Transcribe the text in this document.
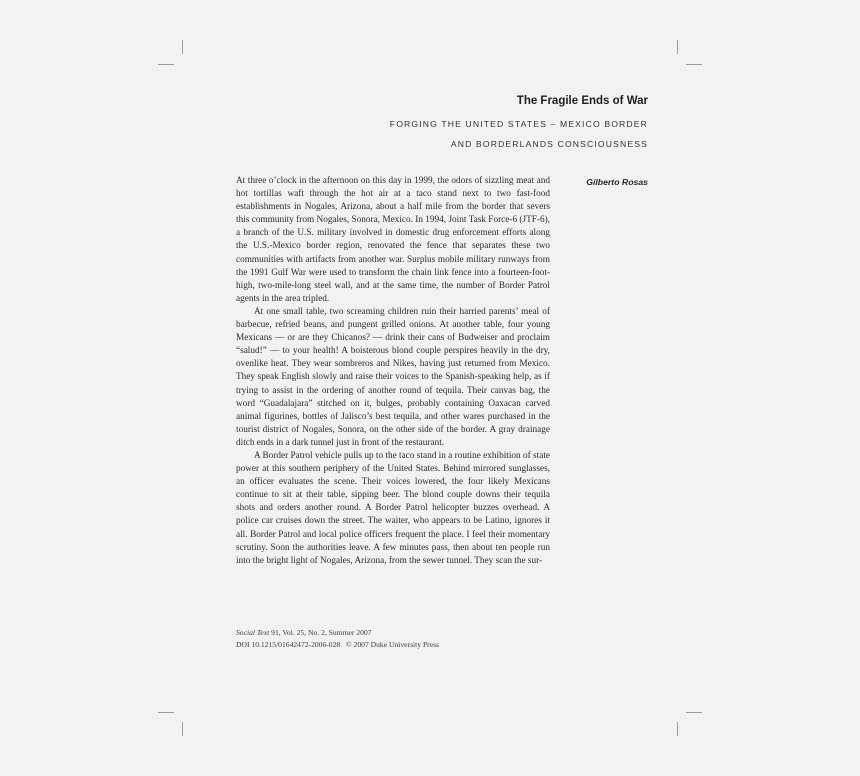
The Fragile Ends of War
FORGING THE UNITED STATES – MEXICO BORDER
AND BORDERLANDS CONSCIOUSNESS
Gilberto Rosas

At three o’clock in the afternoon on this day in 1999, the odors of sizzling meat and hot tortillas waft through the hot air at a taco stand next to two fast-food establishments in Nogales, Arizona, about a half mile from the border that severs this community from Nogales, Sonora, Mexico. In 1994, Joint Task Force-6 (JTF-6), a branch of the U.S. military involved in domestic drug enforcement efforts along the U.S.-Mexico border region, renovated the fence that separates these two communities with artifacts from another war. Surplus mobile military runways from the 1991 Gulf War were used to transform the chain link fence into a fourteen-foot-high, two-mile-long steel wall, and at the same time, the number of Border Patrol agents in the area tripled.

At one small table, two screaming children ruin their harried parents’ meal of barbecue, refried beans, and pungent grilled onions. At another table, four young Mexicans — or are they Chicanos? — drink their cans of Budweiser and proclaim “salud!” — to your health! A boisterous blond couple perspires heavily in the dry, ovenlike heat. They wear sombreros and Nikes, having just returned from Mexico. They speak English slowly and raise their voices to the Spanish-speaking help, as if trying to assist in the ordering of another round of tequila. Their canvas bag, the word “Guadalajara” stitched on it, bulges, probably containing Oaxacan carved animal figurines, bottles of Jalisco’s best tequila, and other wares purchased in the tourist district of Nogales, Sonora, on the other side of the border. A gray drainage ditch ends in a dark tunnel just in front of the restaurant.

A Border Patrol vehicle pulls up to the taco stand in a routine exhibition of state power at this southern periphery of the United States. Behind mirrored sunglasses, an officer evaluates the scene. Their voices lowered, the four likely Mexicans continue to sit at their table, sipping beer. The blond couple downs their tequila shots and orders another round. A Border Patrol helicopter buzzes overhead. A police car cruises down the street. The waiter, who appears to be Latino, ignores it all. Border Patrol and local police officers frequent the place. I feel their momentary scrutiny. Soon the authorities leave. A few minutes pass, then about ten people run into the bright light of Nogales, Arizona, from the sewer tunnel. They scan the sur-

Social Text 91, Vol. 25, No. 2, Summer 2007
DOI 10.1215/01642472-2006-028   © 2007 Duke University Press
